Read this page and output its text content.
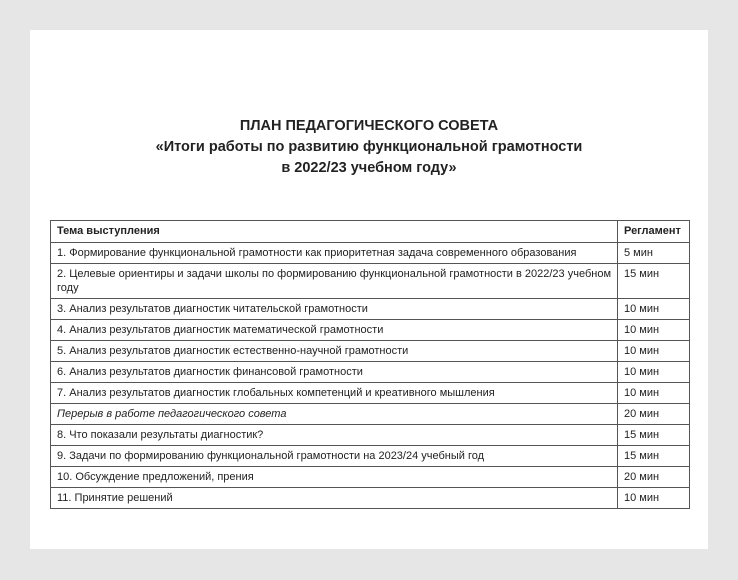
ПЛАН ПЕДАГОГИЧЕСКОГО СОВЕТА
«Итоги работы по развитию функциональной грамотности
в 2022/23 учебном году»
Тема выступления	Регламент
1. Формирование функциональной грамотности как приоритетная задача современного образования	5 мин
2. Целевые ориентиры и задачи школы по формированию функциональной грамотности в 2022/23 учебном году	15 мин
3. Анализ результатов диагностик читательской грамотности	10 мин
4. Анализ результатов диагностик математической грамотности	10 мин
5. Анализ результатов диагностик естественно-научной грамотности	10 мин
6. Анализ результатов диагностик финансовой грамотности	10 мин
7. Анализ результатов диагностик глобальных компетенций и креативного мышления	10 мин
Перерыв в работе педагогического совета	20 мин
8. Что показали результаты диагностик?	15 мин
9. Задачи по формированию функциональной грамотности на 2023/24 учебный год	15 мин
10. Обсуждение предложений, прения	20 мин
11. Принятие решений	10 мин
